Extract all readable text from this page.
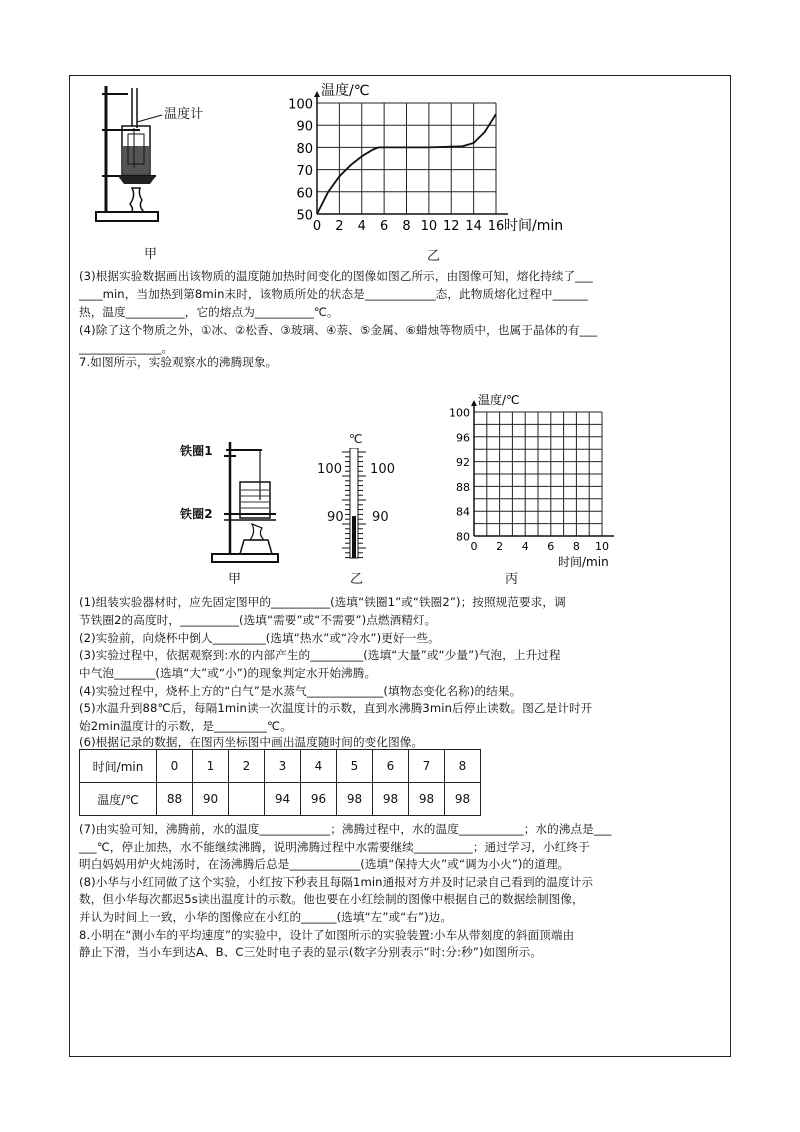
温度计
甲
0 2 4 6 8 10 12 14 16
50
60
70
80
90
100
温度/℃
时间/min
乙
(3)根据实验数据画出该物质的温度随加热时间变化的图像如图乙所示，由图像可知，熔化持续了___
____min，当加热到第8min末时，该物质所处的状态是____________态，此物质熔化过程中______
热，温度__________，它的熔点为__________℃。
(4)除了这个物质之外，①冰、②松香、③玻璃、④萘、⑤金属、⑥蜡烛等物质中，也属于晶体的有___
______________。
7.如图所示，实验观察水的沸腾现象。
铁圈1
铁圈2
甲
℃
100 100
90 90
乙
0 2 4 6 8 10
80
84
88
92
96
100
温度/℃
时间/min
丙
(1)组装实验器材时，应先固定图甲的__________(选填“铁圈1”或“铁圈2”)；按照规范要求，调
节铁圈2的高度时，__________(选填“需要”或“不需要”)点燃酒精灯。
(2)实验前，向烧杯中倒人_________(选填“热水”或“冷水”)更好一些。
(3)实验过程中，依据观察到:水的内部产生的_________(选填“大量”或“少量”)气泡，上升过程
中气泡_______(选填“大”或“小”)的现象判定水开始沸腾。
(4)实验过程中，烧杯上方的“白气”是水蒸气_____________(填物态变化名称)的结果。
(5)水温升到88℃后，每隔1min读一次温度计的示数，直到水沸腾3min后停止读数。图乙是计时开
始2min温度计的示数，是_________℃。
(6)根据记录的数据，在图丙坐标图中画出温度随时间的变化图像。
时间/min	0	1	2	3	4	5	6	7	8
温度/℃	88	90		94	96	98	98	98	98
(7)由实验可知，沸腾前，水的温度____________；沸腾过程中，水的温度___________；水的沸点是___
___℃，停止加热，水不能继续沸腾，说明沸腾过程中水需要继续__________；通过学习，小红终于
明白妈妈用炉火炖汤时，在汤沸腾后总是____________(选填“保持大火”或“调为小火”)的道理。
(8)小华与小红同做了这个实验，小红按下秒表且每隔1min通报对方并及时记录自己看到的温度计示
数，但小华每次都迟5s读出温度计的示数。他也要在小红绘制的图像中根据自己的数据绘制图像，
并认为时间上一致，小华的图像应在小红的______(选填“左”或“右”)边。
8.小明在“测小车的平均速度”的实验中，设计了如图所示的实验装置:小车从带刻度的斜面顶端由
静止下滑，当小车到达A、B、C三处时电子表的显示(数字分别表示“时:分:秒”)如图所示。
